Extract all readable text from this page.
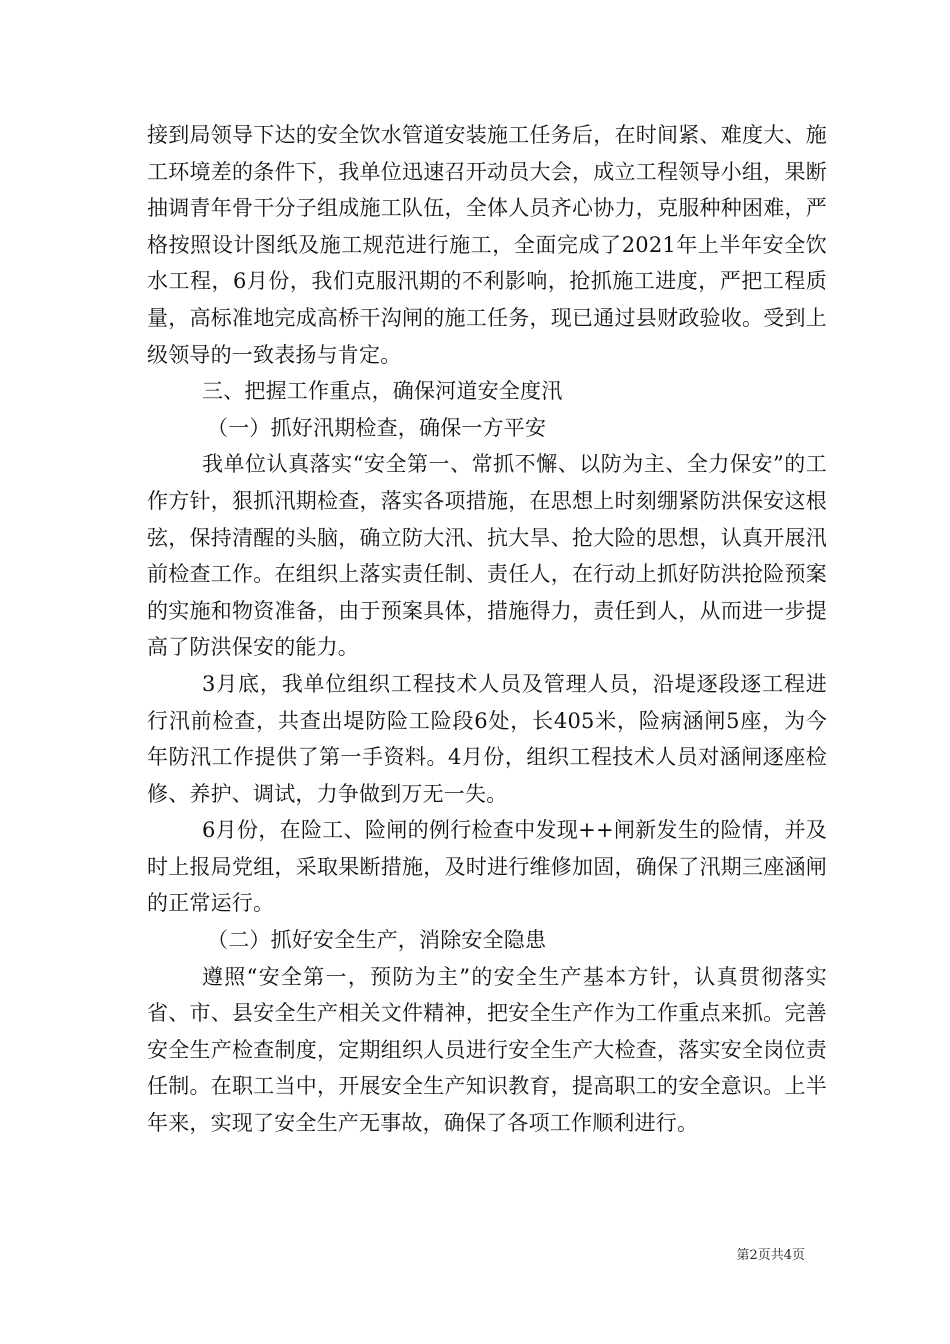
接到局领导下达的安全饮水管道安装施工任务后，在时间紧、难度大、施工环境差的条件下，我单位迅速召开动员大会，成立工程领导小组，果断抽调青年骨干分子组成施工队伍，全体人员齐心协力，克服种种困难，严格按照设计图纸及施工规范进行施工，全面完成了2021年上半年安全饮水工程，6月份，我们克服汛期的不利影响，抢抓施工进度，严把工程质量，高标准地完成高桥干沟闸的施工任务，现已通过县财政验收。受到上级领导的一致表扬与肯定。

三、把握工作重点，确保河道安全度汛

（一）抓好汛期检查，确保一方平安

我单位认真落实“安全第一、常抓不懈、以防为主、全力保安”的工作方针，狠抓汛期检查，落实各项措施，在思想上时刻绷紧防洪保安这根弦，保持清醒的头脑，确立防大汛、抗大旱、抢大险的思想，认真开展汛前检查工作。在组织上落实责任制、责任人，在行动上抓好防洪抢险预案的实施和物资准备，由于预案具体，措施得力，责任到人，从而进一步提高了防洪保安的能力。

3月底，我单位组织工程技术人员及管理人员，沿堤逐段逐工程进行汛前检查，共查出堤防险工险段6处，长405米，险病涵闸5座，为今年防汛工作提供了第一手资料。4月份，组织工程技术人员对涵闸逐座检修、养护、调试，力争做到万无一失。

6月份，在险工、险闸的例行检查中发现++闸新发生的险情，并及时上报局党组，采取果断措施，及时进行维修加固，确保了汛期三座涵闸的正常运行。

（二）抓好安全生产，消除安全隐患

遵照“安全第一，预防为主”的安全生产基本方针，认真贯彻落实省、市、县安全生产相关文件精神，把安全生产作为工作重点来抓。完善安全生产检查制度，定期组织人员进行安全生产大检查，落实安全岗位责任制。在职工当中，开展安全生产知识教育，提高职工的安全意识。上半年来，实现了安全生产无事故，确保了各项工作顺利进行。

第2页共4页
